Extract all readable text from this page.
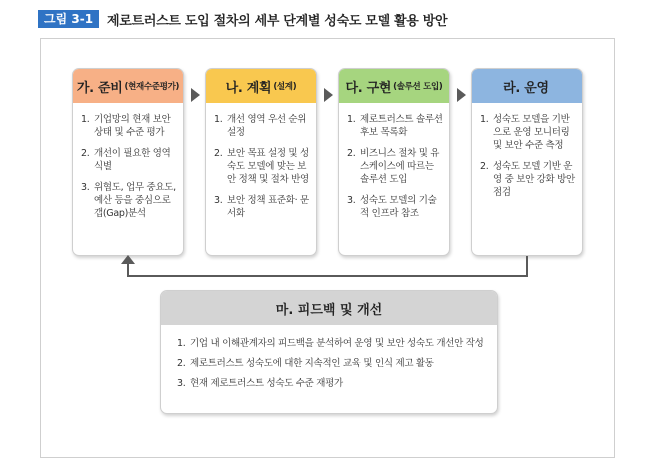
그림 3-1	제로트러스트 도입 절차의 세부 단계별 성숙도 모델 활용 방안
가. 준비 (현재수준평가)
1. 기업망의 현재 보안 상태 및 수준 평가
2. 개선이 필요한 영역 식별
3. 위협도, 업무 중요도, 예산 등을 중심으로 갭(Gap)분석
나. 계획 (설계)
1. 개선 영역 우선 순위 설정
2. 보안 목표 설정 및 성숙도 모델에 맞는 보안 정책 및 절차 반영
3. 보안 정책 표준화· 문서화
다. 구현 (솔루션 도입)
1. 제로트러스트 솔루션 후보 목록화
2. 비즈니스 절차 및 유스케이스에 따르는 솔루션 도입
3. 성숙도 모델의 기술적 인프라 참조
라. 운영
1. 성숙도 모델을 기반으로 운영 모니터링 및 보안 수준 측정
2. 성숙도 모델 기반 운영 중 보안 강화 방안 점검
마. 피드백 및 개선
1. 기업 내 이해관계자의 피드백을 분석하여 운영 및 보안 성숙도 개선안 작성
2. 제로트러스트 성숙도에 대한 지속적인 교육 및 인식 제고 활동
3. 현재 제로트러스트 성숙도 수준 재평가
